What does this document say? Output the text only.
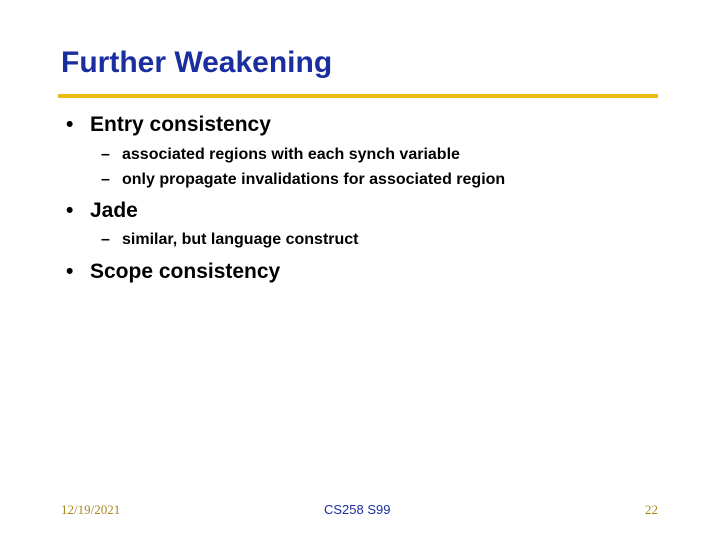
Further Weakening
• Entry consistency
– associated regions with each synch variable
– only propagate invalidations for associated region
• Jade
– similar, but language construct
• Scope consistency
12/19/2021	CS258 S99	22
